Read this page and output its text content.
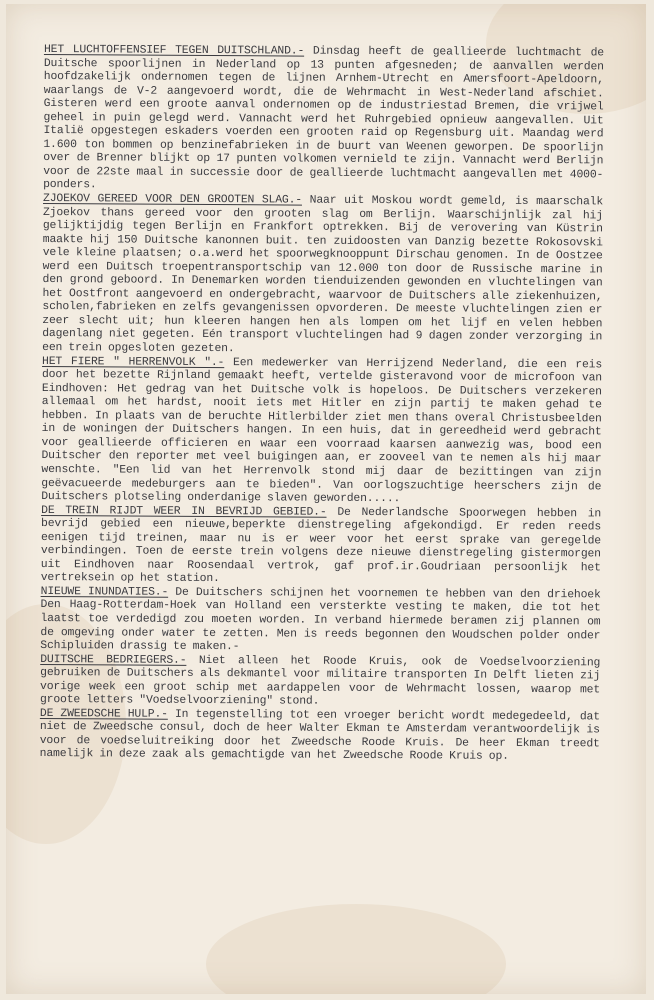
HET LUCHTOFFENSIEF TEGEN DUITSCHLAND.- Dinsdag heeft de geallieerde luchtmacht de Duitsche spoorlijnen in Nederland op 13 punten afgesneden; de aanvallen werden hoofdzakelijk ondernomen tegen de lijnen Arnhem-Utrecht en Amersfoort-Apeldoorn, waarlangs de V-2 aangevoerd wordt, die de Wehrmacht in West-Nederland afschiet. Gisteren werd een groote aanval ondernomen op de industriestad Bremen, die vrijwel geheel in puin gelegd werd. Vannacht werd het Ruhrgebied opnieuw aangevallen. Uit Italië opgestegen eskaders voerden een grooten raid op Regensburg uit. Maandag werd 1.600 ton bommen op benzinefabrieken in de buurt van Weenen geworpen. De spoorlijn over de Brenner blijkt op 17 punten volkomen vernield te zijn. Vannacht werd Berlijn voor de 22ste maal in successie door de geallieerde luchtmacht aangevallen met 4000-ponders.

ZJOEKOV GEREED VOOR DEN GROOTEN SLAG.- Naar uit Moskou wordt gemeld, is maarschalk Zjoekov thans gereed voor den grooten slag om Berlijn. Waarschijnlijk zal hij gelijktijdig tegen Berlijn en Frankfort optrekken. Bij de verovering van Küstrin maakte hij 150 Duitsche kanonnen buit. ten zuidoosten van Danzig bezette Rokosovski vele kleine plaatsen; o.a.werd het spoorwegknooppunt Dirschau genomen. In de Oostzee werd een Duitsch troepentransportschip van 12.000 ton door de Russische marine in den grond geboord. In Denemarken worden tienduizenden gewonden en vluchtelingen van het Oostfront aangevoerd en ondergebracht, waarvoor de Duitschers alle ziekenhuizen, scholen,fabrieken en zelfs gevangenissen opvorderen. De meeste vluchtelingen zien er zeer slecht uit; hun kleeren hangen hen als lompen om het lijf en velen hebben dagenlang niet gegeten. Eén transport vluchtelingen had 9 dagen zonder verzorging in een trein opgesloten gezeten.

HET FIERE " HERRENVOLK ".- Een medewerker van Herrijzend Nederland, die een reis door het bezette Rijnland gemaakt heeft, vertelde gisteravond voor de microfoon van Eindhoven: Het gedrag van het Duitsche volk is hopeloos. De Duitschers verzekeren allemaal om het hardst, nooit iets met Hitler en zijn partij te maken gehad te hebben. In plaats van de beruchte Hitlerbilder ziet men thans overal Christusbeelden in de woningen der Duitschers hangen. In een huis, dat in gereedheid werd gebracht voor geallieerde officieren en waar een voorraad kaarsen aanwezig was, bood een Duitscher den reporter met veel buigingen aan, er zooveel van te nemen als hij maar wenschte. "Een lid van het Herrenvolk stond mij daar de bezittingen van zijn geëvacueerde medeburgers aan te bieden". Van oorlogszuchtige heerschers zijn de Duitschers plotseling onderdanige slaven geworden.....

DE TREIN RIJDT WEER IN BEVRIJD GEBIED.- De Nederlandsche Spoorwegen hebben in bevrijd gebied een nieuwe,beperkte dienstregeling afgekondigd. Er reden reeds eenigen tijd treinen, maar nu is er weer voor het eerst sprake van geregelde verbindingen. Toen de eerste trein volgens deze nieuwe dienstregeling gistermorgen uit Eindhoven naar Roosendaal vertrok, gaf prof.ir.Goudriaan persoonlijk het vertreksein op het station.

NIEUWE INUNDATIES.- De Duitschers schijnen het voornemen te hebben van den driehoek Den Haag-Rotterdam-Hoek van Holland een versterkte vesting te maken, die tot het laatst toe verdedigd zou moeten worden. In verband hiermede beramen zij plannen om de omgeving onder water te zetten. Men is reeds begonnen den Woudschen polder onder Schipluiden drassig te maken.-

DUITSCHE BEDRIEGERS.- Niet alleen het Roode Kruis, ook de Voedselvoorziening gebruiken de Duitschers als dekmantel voor militaire transporten In Delft lieten zij vorige week een groot schip met aardappelen voor de Wehrmacht lossen, waarop met groote letters "Voedselvoorziening" stond.

DE ZWEEDSCHE HULP.- In tegenstelling tot een vroeger bericht wordt medegedeeld, dat niet de Zweedsche consul, doch de heer Walter Ekman te Amsterdam verantwoordelijk is voor de voedseluitreiking door het Zweedsche Roode Kruis. De heer Ekman treedt namelijk in deze zaak als gemachtigde van het Zweedsche Roode Kruis op.
